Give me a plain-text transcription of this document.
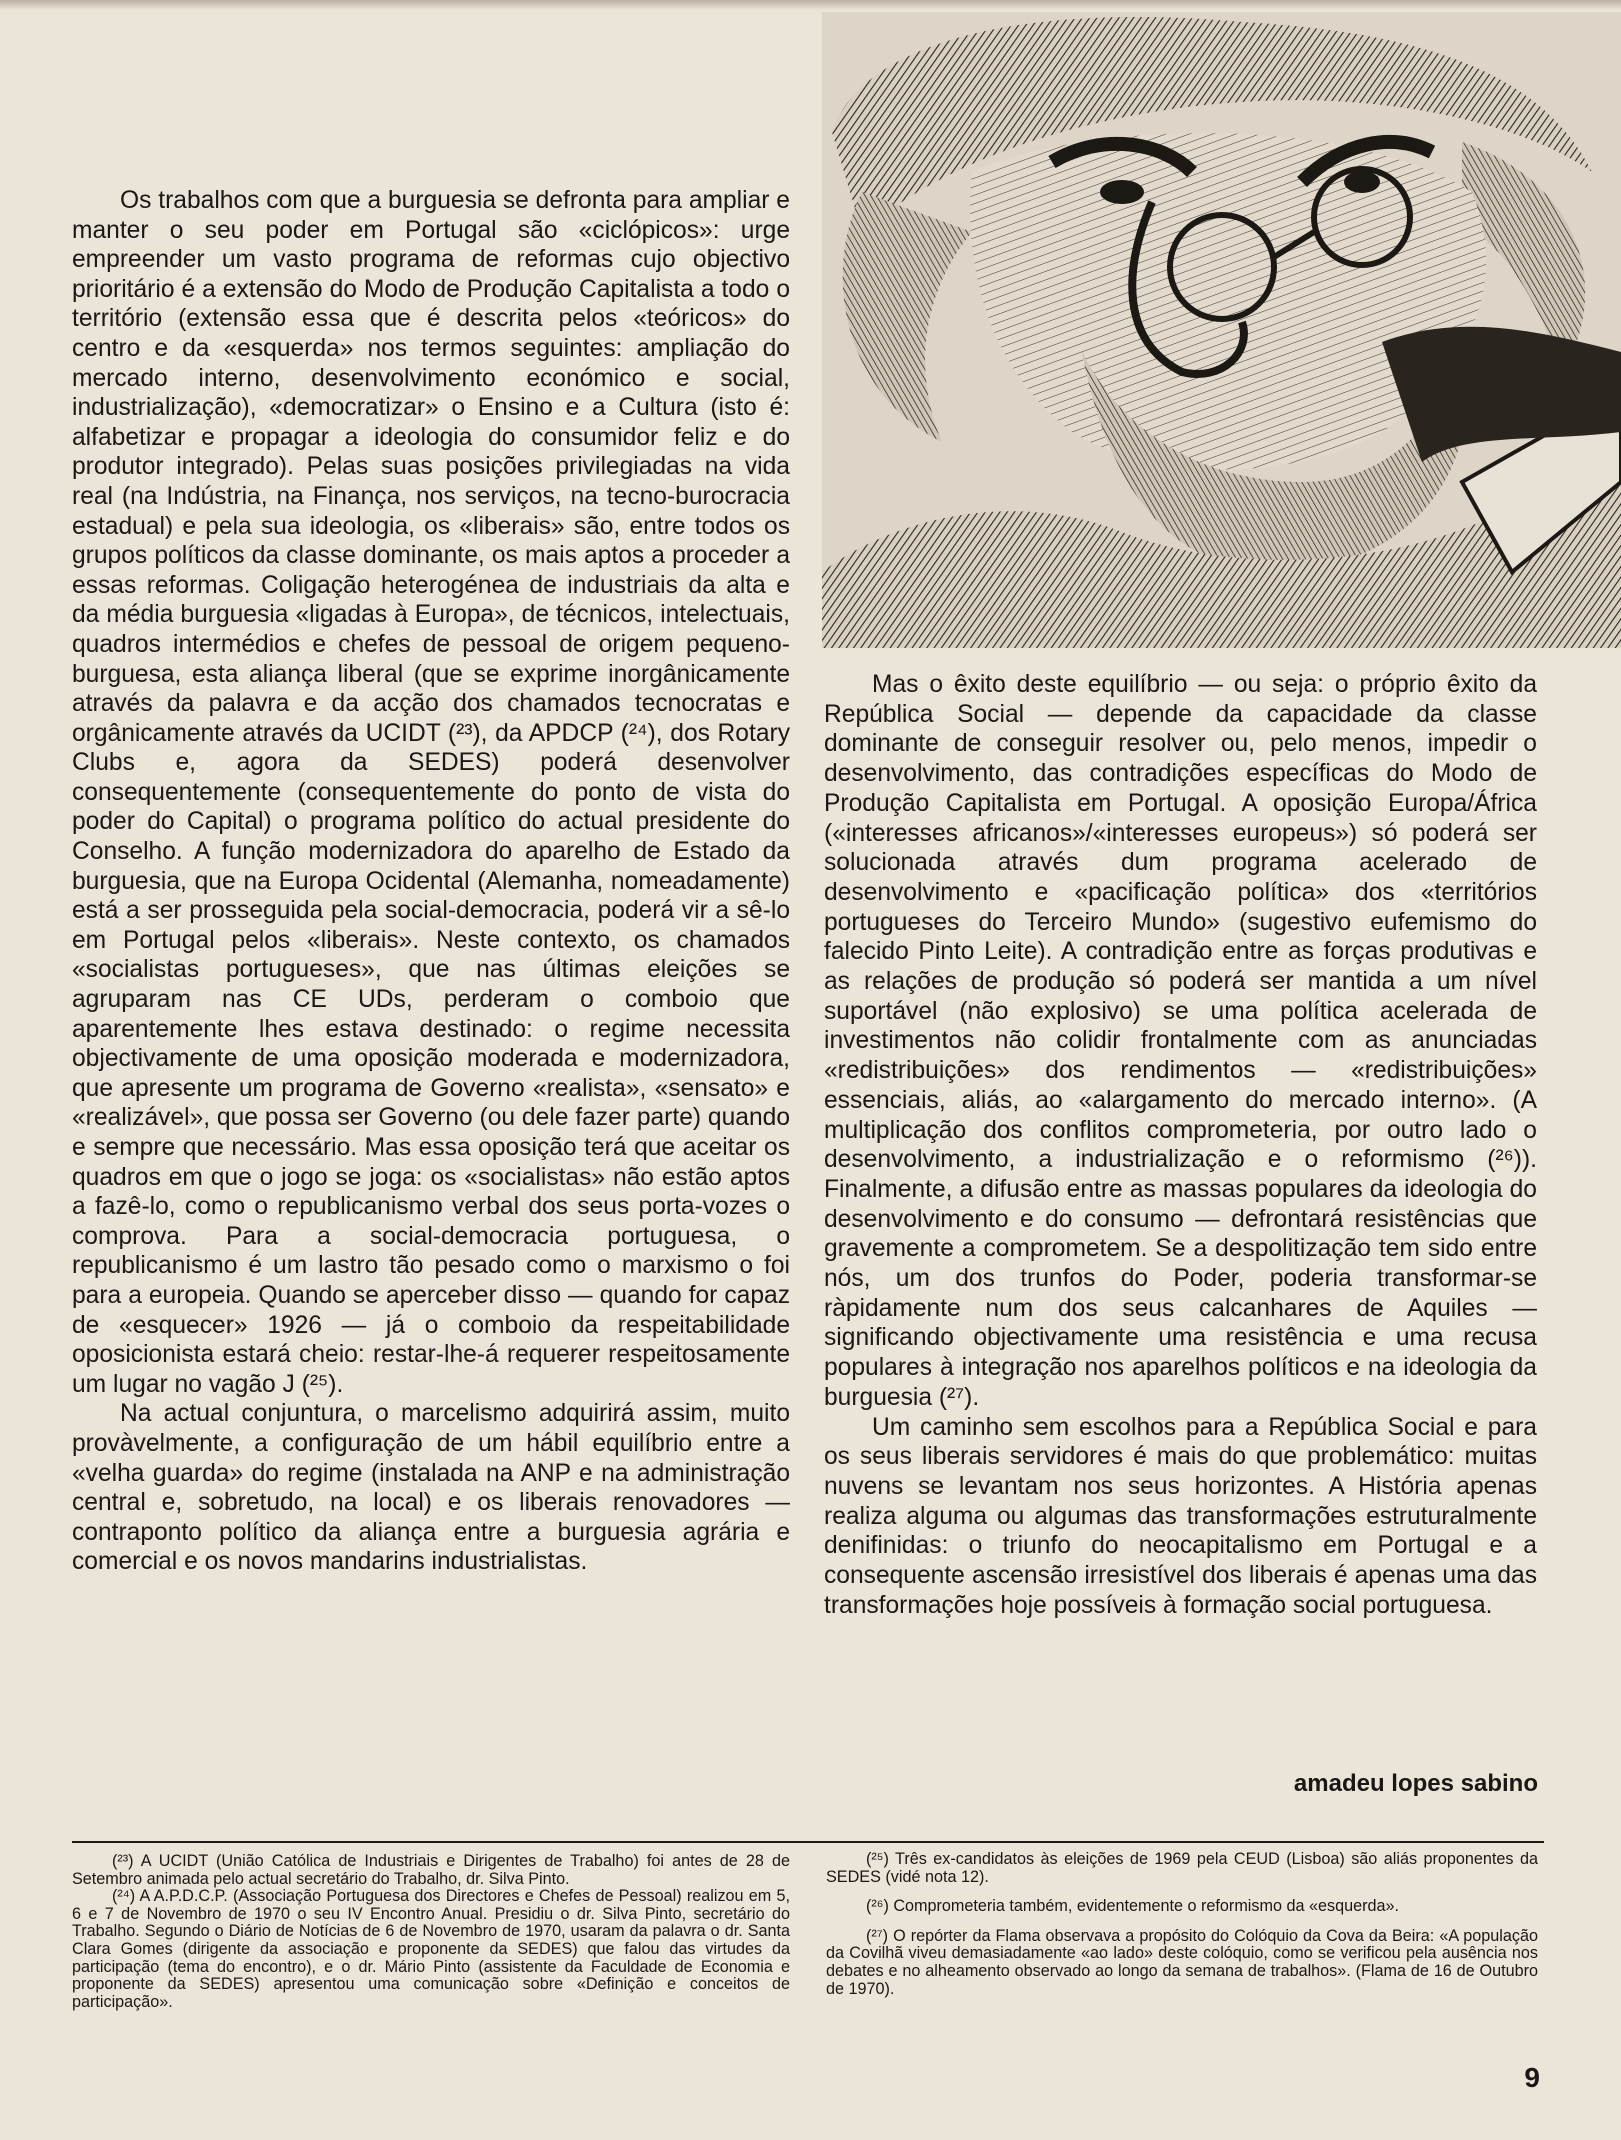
Os trabalhos com que a burguesia se defronta para ampliar e manter o seu poder em Portugal são «ciclópicos»: urge empreender um vasto programa de reformas cujo objectivo prioritário é a extensão do Modo de Produção Capitalista a todo o território (extensão essa que é descrita pelos «teóricos» do centro e da «esquerda» nos termos seguintes: ampliação do mercado interno, desenvolvimento económico e social, industrialização), «democratizar» o Ensino e a Cultura (isto é: alfabetizar e propagar a ideologia do consumidor feliz e do produtor integrado). Pelas suas posições privilegiadas na vida real (na Indústria, na Finança, nos serviços, na tecno-burocracia estadual) e pela sua ideologia, os «liberais» são, entre todos os grupos políticos da classe dominante, os mais aptos a proceder a essas reformas. Coligação heterogénea de industriais da alta e da média burguesia «ligadas à Europa», de técnicos, intelectuais, quadros intermédios e chefes de pessoal de origem pequeno-burguesa, esta aliança liberal (que se exprime inorgânicamente através da palavra e da acção dos chamados tecnocratas e orgânicamente através da UCIDT (²³), da APDCP (²⁴), dos Rotary Clubs e, agora da SEDES) poderá desenvolver consequentemente (consequentemente do ponto de vista do poder do Capital) o programa político do actual presidente do Conselho. A função modernizadora do aparelho de Estado da burguesia, que na Europa Ocidental (Alemanha, nomeadamente) está a ser prosseguida pela social-democracia, poderá vir a sê-lo em Portugal pelos «liberais». Neste contexto, os chamados «socialistas portugueses», que nas últimas eleições se agruparam nas CE UDs, perderam o comboio que aparentemente lhes estava destinado: o regime necessita objectivamente de uma oposição moderada e modernizadora, que apresente um programa de Governo «realista», «sensato» e «realizável», que possa ser Governo (ou dele fazer parte) quando e sempre que necessário. Mas essa oposição terá que aceitar os quadros em que o jogo se joga: os «socialistas» não estão aptos a fazê-lo, como o republicanismo verbal dos seus porta-vozes o comprova. Para a social-democracia portuguesa, o republicanismo é um lastro tão pesado como o marxismo o foi para a europeia. Quando se aperceber disso — quando for capaz de «esquecer» 1926 — já o comboio da respeitabilidade oposicionista estará cheio: restar-lhe-á requerer respeitosamente um lugar no vagão J (²⁵).

Na actual conjuntura, o marcelismo adquirirá assim, muito provàvelmente, a configuração de um hábil equilíbrio entre a «velha guarda» do regime (instalada na ANP e na administração central e, sobretudo, na local) e os liberais renovadores — contraponto político da aliança entre a burguesia agrária e comercial e os novos mandarins industrialistas.

Mas o êxito deste equilíbrio — ou seja: o próprio êxito da República Social — depende da capacidade da classe dominante de conseguir resolver ou, pelo menos, impedir o desenvolvimento, das contradições específicas do Modo de Produção Capitalista em Portugal. A oposição Europa/África («interesses africanos»/«interesses europeus») só poderá ser solucionada através dum programa acelerado de desenvolvimento e «pacificação política» dos «territórios portugueses do Terceiro Mundo» (sugestivo eufemismo do falecido Pinto Leite). A contradição entre as forças produtivas e as relações de produção só poderá ser mantida a um nível suportável (não explosivo) se uma política acelerada de investimentos não colidir frontalmente com as anunciadas «redistribuições» dos rendimentos — «redistribuições» essenciais, aliás, ao «alargamento do mercado interno». (A multiplicação dos conflitos comprometeria, por outro lado o desenvolvimento, a industrialização e o reformismo (²⁶)). Finalmente, a difusão entre as massas populares da ideologia do desenvolvimento e do consumo — defrontará resistências que gravemente a comprometem. Se a despolitização tem sido entre nós, um dos trunfos do Poder, poderia transformar-se ràpidamente num dos seus calcanhares de Aquiles — significando objectivamente uma resistência e uma recusa populares à integração nos aparelhos políticos e na ideologia da burguesia (²⁷).

Um caminho sem escolhos para a República Social e para os seus liberais servidores é mais do que problemático: muitas nuvens se levantam nos seus horizontes. A História apenas realiza alguma ou algumas das transformações estruturalmente denifinidas: o triunfo do neocapitalismo em Portugal e a consequente ascensão irresistível dos liberais é apenas uma das transformações hoje possíveis à formação social portuguesa.

amadeu lopes sabino

(²³) A UCIDT (União Católica de Industriais e Dirigentes de Trabalho) foi antes de 28 de Setembro animada pelo actual secretário do Trabalho, dr. Silva Pinto.

(²⁴) A A.P.D.C.P. (Associação Portuguesa dos Directores e Chefes de Pessoal) realizou em 5, 6 e 7 de Novembro de 1970 o seu IV Encontro Anual. Presidiu o dr. Silva Pinto, secretário do Trabalho. Segundo o Diário de Notícias de 6 de Novembro de 1970, usaram da palavra o dr. Santa Clara Gomes (dirigente da associação e proponente da SEDES) que falou das virtudes da participação (tema do encontro), e o dr. Mário Pinto (assistente da Faculdade de Economia e proponente da SEDES) apresentou uma comunicação sobre «Definição e conceitos de participação».

(²⁵) Três ex-candidatos às eleições de 1969 pela CEUD (Lisboa) são aliás proponentes da SEDES (vidé nota 12).

(²⁶) Comprometeria também, evidentemente o reformismo da «esquerda».

(²⁷) O repórter da Flama observava a propósito do Colóquio da Cova da Beira: «A população da Covilhã viveu demasiadamente «ao lado» deste colóquio, como se verificou pela ausência nos debates e no alheamento observado ao longo da semana de trabalhos». (Flama de 16 de Outubro de 1970).

9
